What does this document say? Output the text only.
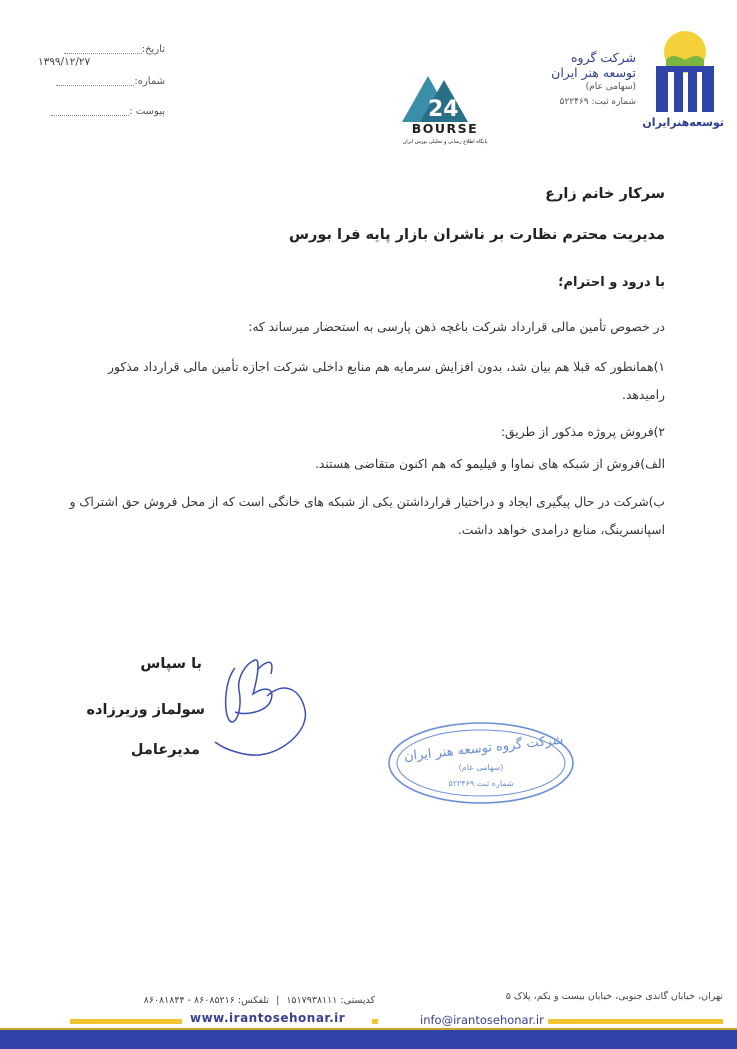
توسعه‌هنرایران
شرکت گروه
توسعه هنر ایران
(سهامی عام)
شماره ثبت: ۵۲۲۴۶۹
24
BOURSE
پایگاه اطلاع رسانی و تحلیلی بورس ایران
تاریخ:
۱۳۹۹/۱۲/۲۷
شماره:
پیوست :
سرکار خانم زارع
مدیریت محترم نظارت بر ناشران بازار پایه فرا بورس
با درود و احترام؛
در خصوص تأمین مالی قرارداد شرکت باغچه ذهن پارسی به استحضار میرساند که:
۱)همانطور که قبلا هم بیان شد، بدون افزایش سرمایه هم منابع داخلی شرکت اجازه تأمین مالی قرارداد مذکور رامیدهد.
۲)فروش پروژه مذکور از طریق:
الف)فروش از شبکه های نماوا و فیلیمو که هم اکنون متقاضی هستند.
ب)شرکت در حال پیگیری ایجاد و دراختیار قرارداشتن یکی از شبکه های خانگی است که از محل فروش حق اشتراک و اسپانسرینگ، منابع درامدی خواهد داشت.
با سپاس
سولماز وزیرزاده
مدیرعامل	شرکت گروه توسعه هنر ایران
(سهامی عام)
شماره ثبت ۵۲۲۴۶۹
تهران، خیابان گاندی جنوبی، خیابان بیست و یکم، پلاک ۵
کدپستی: ۱۵۱۷۹۳۸۱۱۱ | تلفکس: ۸۶۰۸۵۲۱۶ - ۸۶۰۸۱۸۴۴
www.irantosehonar.ir	info@irantosehonar.ir
